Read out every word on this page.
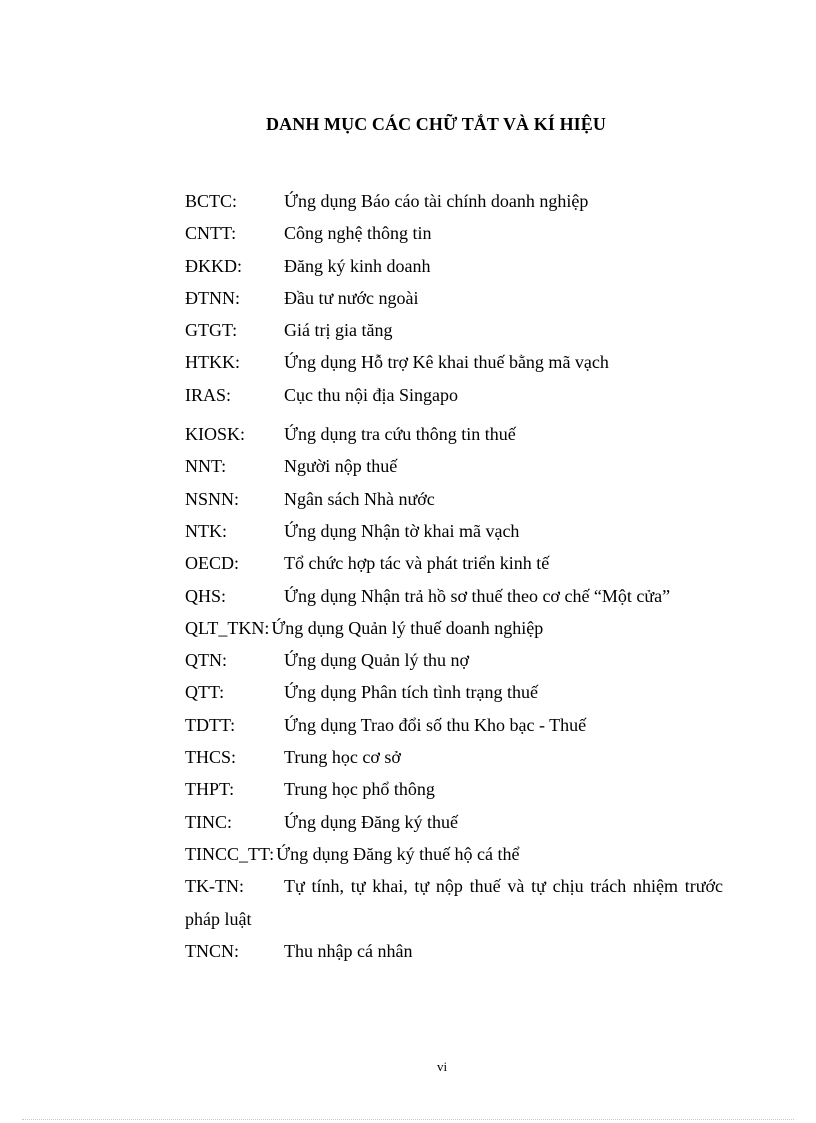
DANH MỤC CÁC CHỮ TẮT VÀ KÍ HIỆU
BCTC:	Ứng dụng Báo cáo tài chính doanh nghiệp
CNTT:	Công nghệ thông tin
ĐKKD: Đăng ký kinh doanh
ĐTNN: Đầu tư nước ngoài
GTGT:	Giá trị gia tăng
HTKK: Ứng dụng Hỗ trợ Kê khai thuế bằng mã vạch
IRAS:	Cục thu nội địa Singapo
KIOSK: Ứng dụng tra cứu thông tin thuế
NNT:	Người nộp thuế
NSNN: Ngân sách Nhà nước
NTK:	Ứng dụng Nhận tờ khai mã vạch
OECD:	Tổ chức hợp tác và phát triển kinh tế
QHS:	Ứng dụng Nhận trả hồ sơ thuế theo cơ chế “Một cửa”
QLT_TKN: Ứng dụng Quản lý thuế doanh nghiệp
QTN:	Ứng dụng Quản lý thu nợ
QTT:	Ứng dụng Phân tích tình trạng thuế
TDTT:	Ứng dụng Trao đổi số thu Kho bạc - Thuế
THCS:	Trung học cơ sở
THPT:	Trung học phổ thông
TINC:	Ứng dụng Đăng ký thuế
TINCC_TT: Ứng dụng Đăng ký thuế hộ cá thể
TK-TN: Tự tính, tự khai, tự nộp thuế và tự chịu trách nhiệm trước
pháp luật
TNCN:	Thu nhập cá nhân
vi
